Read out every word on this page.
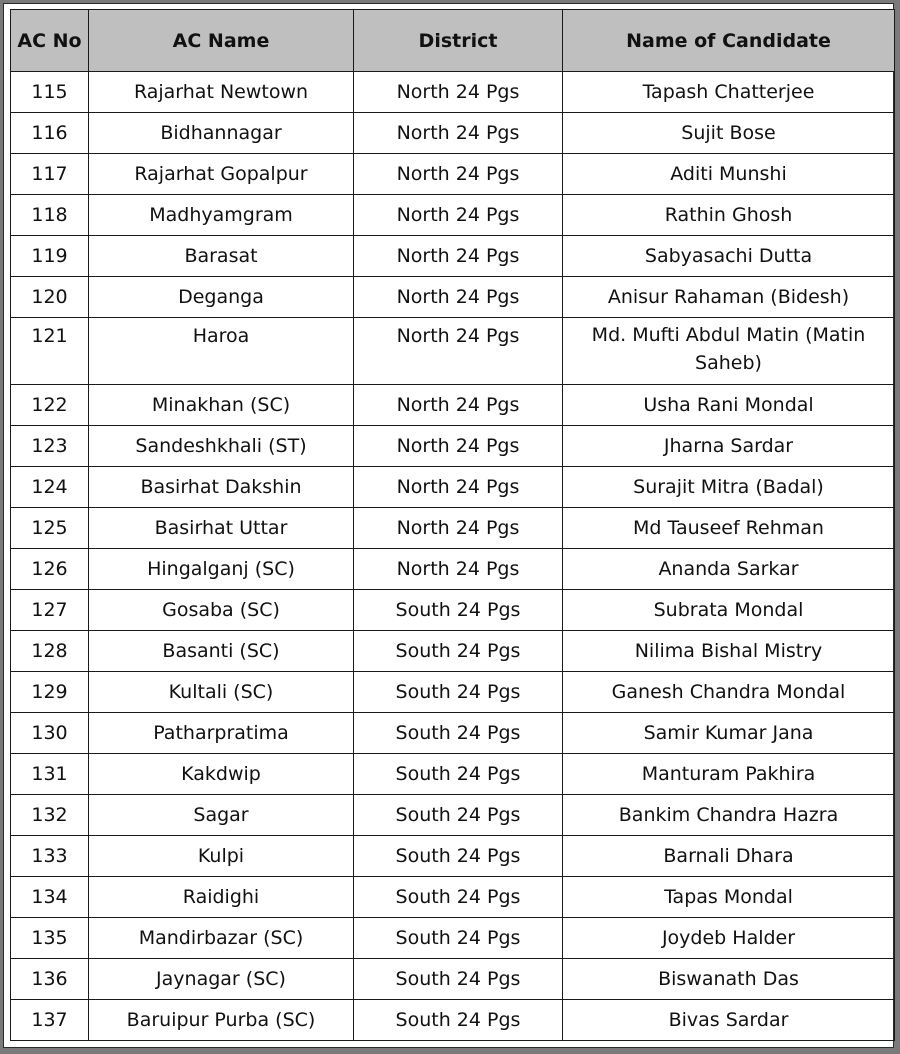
AC No	AC Name	District	Name of Candidate
115	Rajarhat Newtown	North 24 Pgs	Tapash Chatterjee
116	Bidhannagar	North 24 Pgs	Sujit Bose
117	Rajarhat Gopalpur	North 24 Pgs	Aditi Munshi
118	Madhyamgram	North 24 Pgs	Rathin Ghosh
119	Barasat	North 24 Pgs	Sabyasachi Dutta
120	Deganga	North 24 Pgs	Anisur Rahaman (Bidesh)
121	Haroa	North 24 Pgs	Md. Mufti Abdul Matin (Matin Saheb)
122	Minakhan (SC)	North 24 Pgs	Usha Rani Mondal
123	Sandeshkhali (ST)	North 24 Pgs	Jharna Sardar
124	Basirhat Dakshin	North 24 Pgs	Surajit Mitra (Badal)
125	Basirhat Uttar	North 24 Pgs	Md Tauseef Rehman
126	Hingalganj (SC)	North 24 Pgs	Ananda Sarkar
127	Gosaba (SC)	South 24 Pgs	Subrata Mondal
128	Basanti (SC)	South 24 Pgs	Nilima Bishal Mistry
129	Kultali (SC)	South 24 Pgs	Ganesh Chandra Mondal
130	Patharpratima	South 24 Pgs	Samir Kumar Jana
131	Kakdwip	South 24 Pgs	Manturam Pakhira
132	Sagar	South 24 Pgs	Bankim Chandra Hazra
133	Kulpi	South 24 Pgs	Barnali Dhara
134	Raidighi	South 24 Pgs	Tapas Mondal
135	Mandirbazar (SC)	South 24 Pgs	Joydeb Halder
136	Jaynagar (SC)	South 24 Pgs	Biswanath Das
137	Baruipur Purba (SC)	South 24 Pgs	Bivas Sardar
